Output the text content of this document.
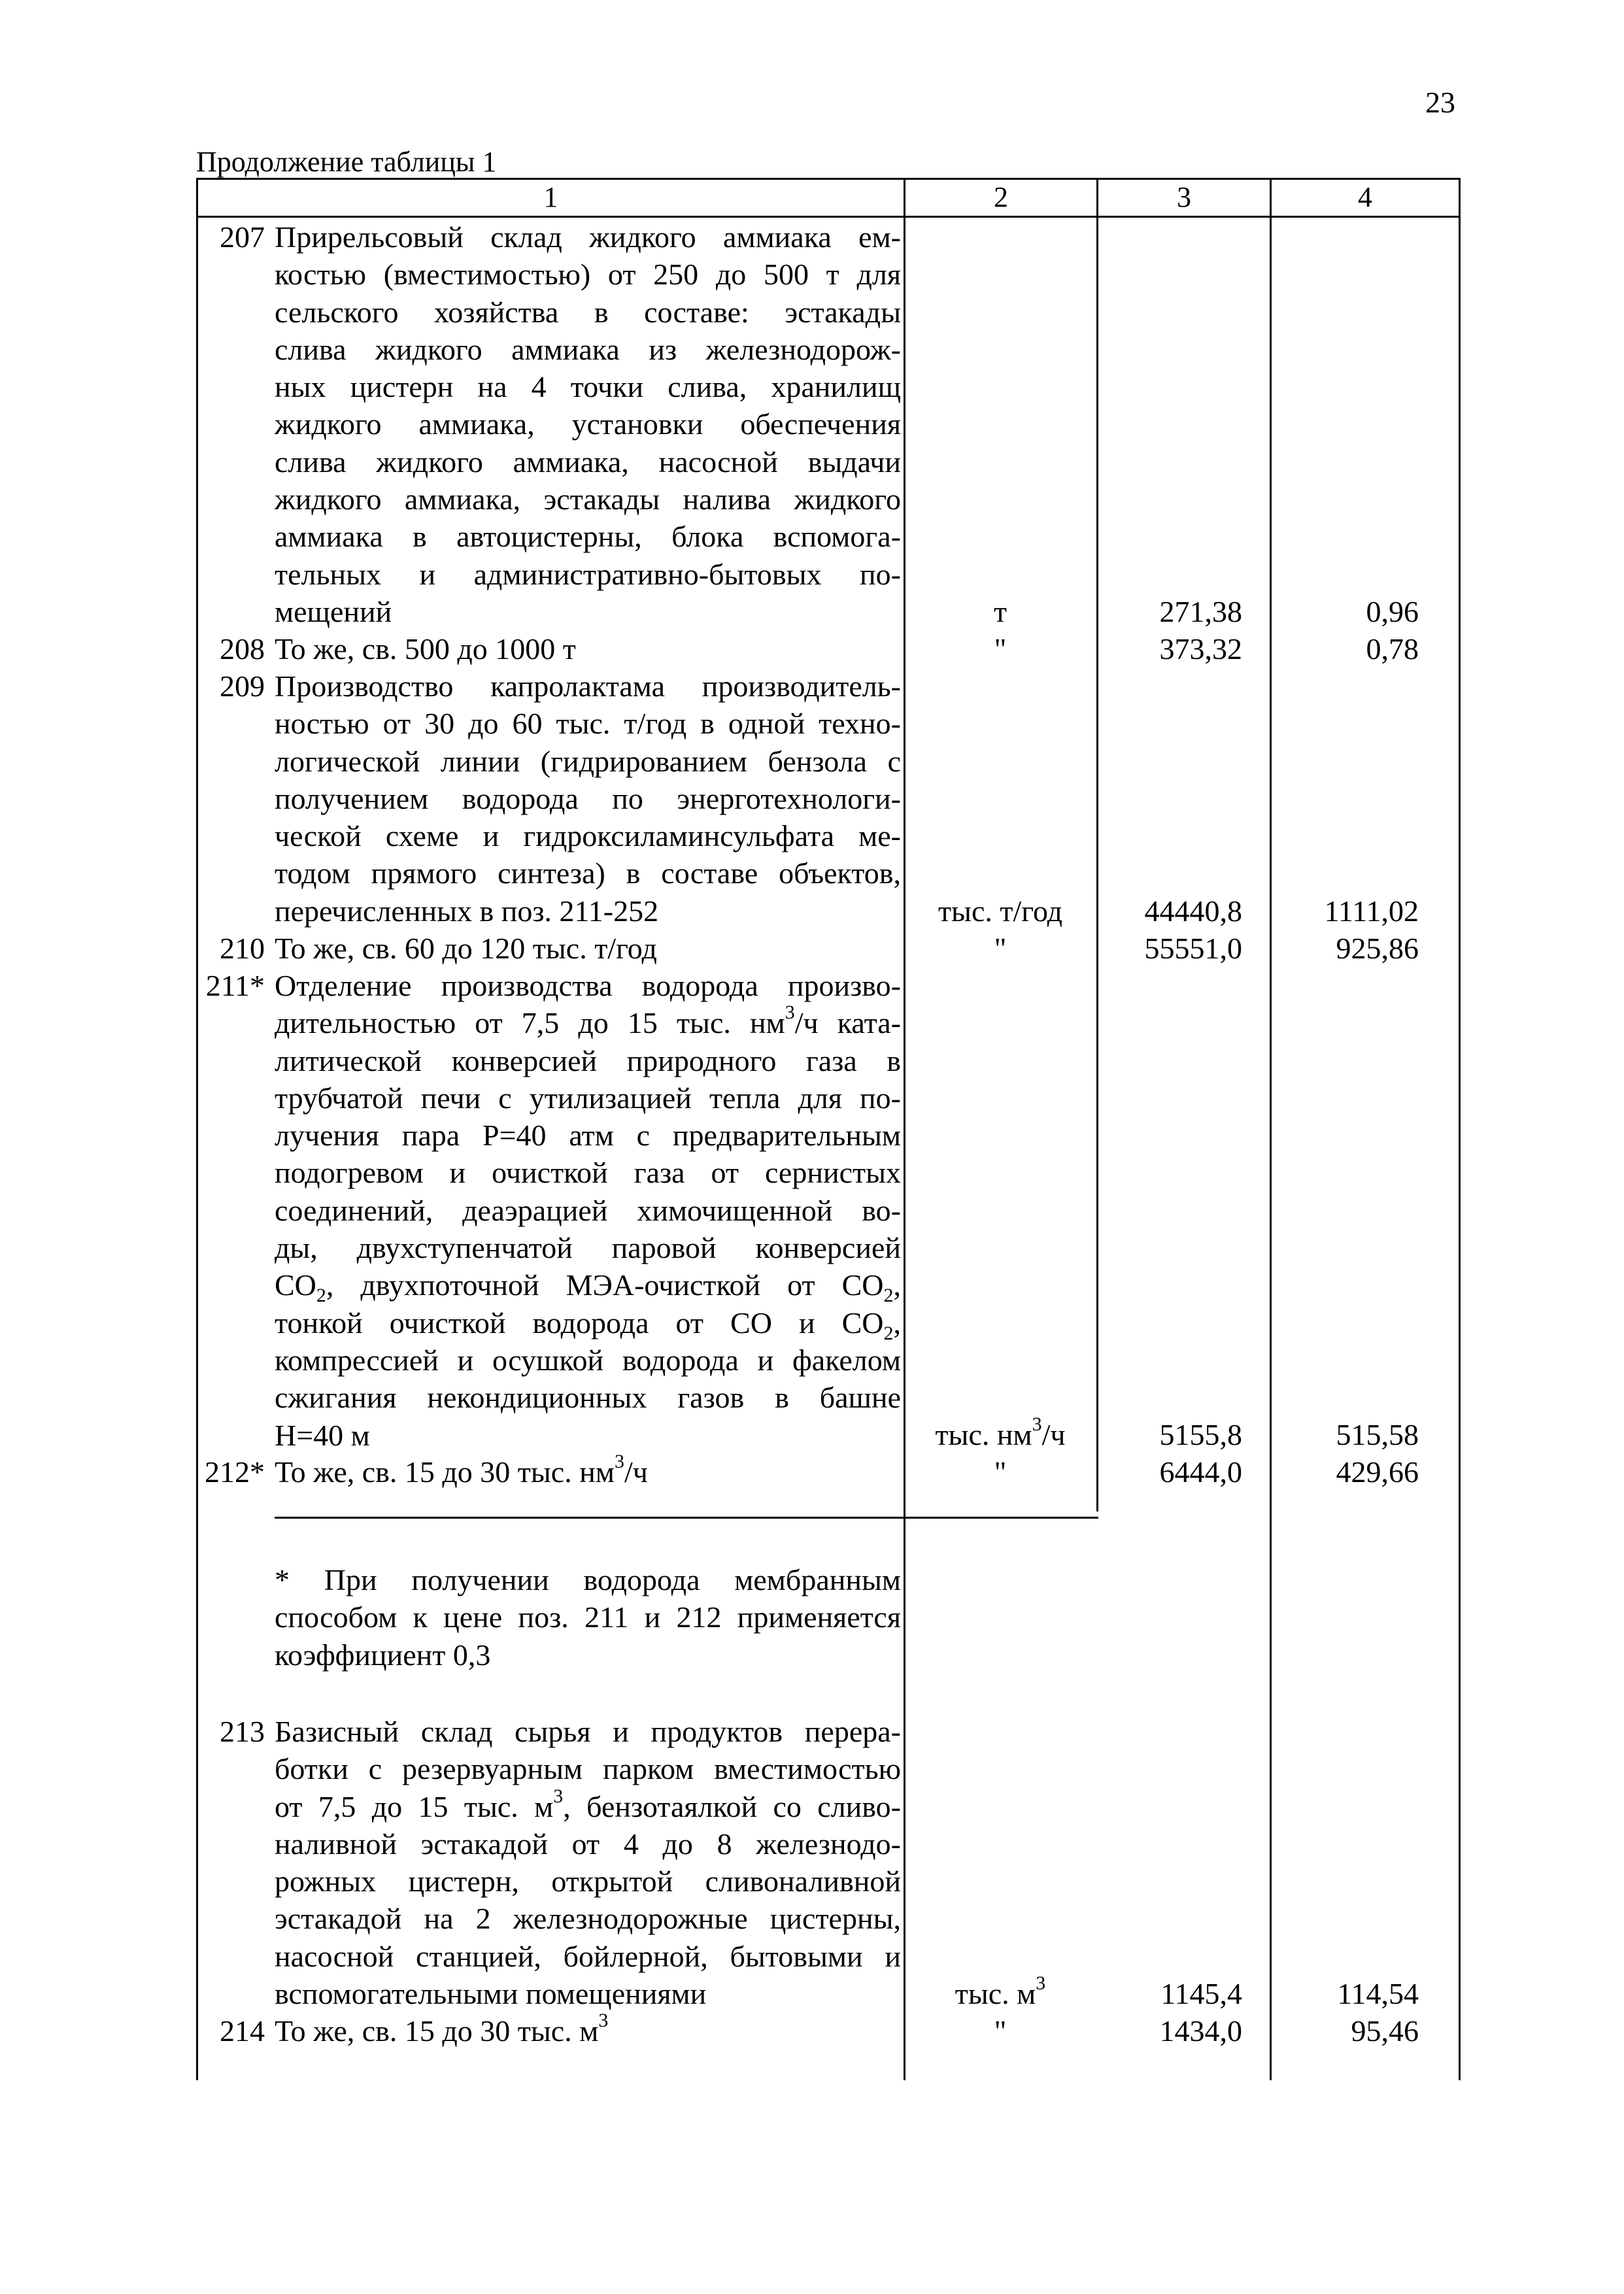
23
Продолжение таблицы 1
1	2	3	4
207 Прирельсовый склад жидкого аммиака ем-
костью (вместимостью) от 250 до 500 т для
сельского хозяйства в составе: эстакады
слива жидкого аммиака из железнодорож-
ных цистерн на 4 точки слива, хранилищ
жидкого аммиака, установки обеспечения
слива жидкого аммиака, насосной выдачи
жидкого аммиака, эстакады налива жидкого
аммиака в автоцистерны, блока вспомога-
тельных и административно-бытовых по-
мещений	т	271,38	0,96
208 То же, св. 500 до 1000 т	"	373,32	0,78
209 Производство капролактама производитель-
ностью от 30 до 60 тыс. т/год в одной техно-
логической линии (гидрированием бензола с
получением водорода по энерготехнологи-
ческой схеме и гидроксиламинсульфата ме-
тодом прямого синтеза) в составе объектов,
перечисленных в поз. 211-252	тыс. т/год	44440,8	1111,02
210 То же, св. 60 до 120 тыс. т/год	"	55551,0	925,86
211* Отделение производства водорода произво-
дительностью от 7,5 до 15 тыс. $нм^3/ч$ ката-
литической конверсией природного газа в
трубчатой печи с утилизацией тепла для по-
лучения пара Р=40 атм с предварительным
подогревом и очисткой газа от сернистых
соединений, деаэрацией химочищенной во-
ды, двухступенчатой паровой конверсией
$СО_2$, двухпоточной МЭА-очисткой от $СО_2$,
тонкой очисткой водорода от СО и $СО_2$,
компрессией и осушкой водорода и факелом
сжигания некондиционных газов в башне
Н=40 м	тыс. $нм^3/ч$	5155,8	515,58
212* То же, св. 15 до 30 тыс. $нм^3/ч$	"	6444,0	429,66
* При получении водорода мембранным
способом к цене поз. 211 и 212 применяется
коэффициент 0,3
213 Базисный склад сырья и продуктов перера-
ботки с резервуарным парком вместимостью
от 7,5 до 15 тыс. $м^3$, бензотаялкой со сливо-
наливной эстакадой от 4 до 8 железнодо-
рожных цистерн, открытой сливоналивной
эстакадой на 2 железнодорожные цистерны,
насосной станцией, бойлерной, бытовыми и
вспомогательными помещениями	тыс. $м^3$	1145,4	114,54
214 То же, св. 15 до 30 тыс. $м^3$	"	1434,0	95,46
